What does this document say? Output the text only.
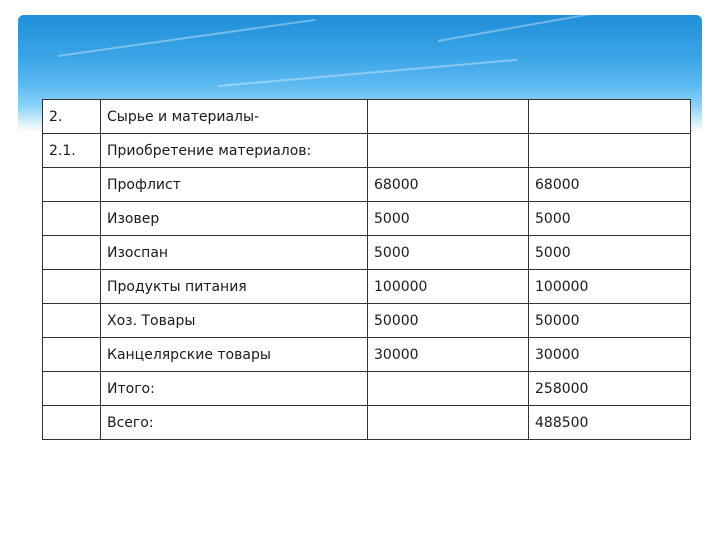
2.	Сырье и материалы-		
2.1.	Приобретение материалов:		
	Профлист	68000	68000
	Изовер	5000	5000
	Изоспан	5000	5000
	Продукты питания	100000	100000
	Хоз. Товары	50000	50000
	Канцелярские товары	30000	30000
	Итого:		258000
	Всего:		488500
